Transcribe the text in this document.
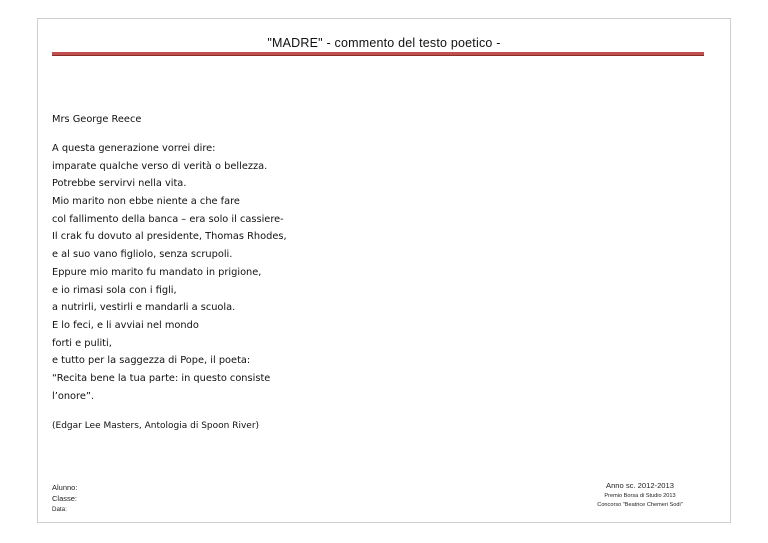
"MADRE" - commento del testo poetico -
Mrs George Reece
A questa generazione vorrei dire:
imparate qualche verso di verità o bellezza.
Potrebbe servirvi nella vita.
Mio marito non ebbe niente a che fare
col fallimento della banca – era solo il cassiere-
Il crak fu dovuto al presidente, Thomas Rhodes,
e al suo vano figliolo, senza scrupoli.
Eppure mio marito fu mandato in prigione,
e io rimasi sola con i figli,
a nutrirli, vestirli e mandarli a scuola.
E lo feci, e li avviai nel mondo
forti e puliti,
e tutto per la saggezza di Pope, il poeta:
“Recita bene la tua parte: in questo consiste
l’onore”.
(Edgar Lee Masters, Antologia di Spoon River)
Alunno:
Classe:
Data:
Anno sc. 2012-2013
Premio Borsa di Studio 2013
Concorso "Beatrice Chemeri Sodi"
